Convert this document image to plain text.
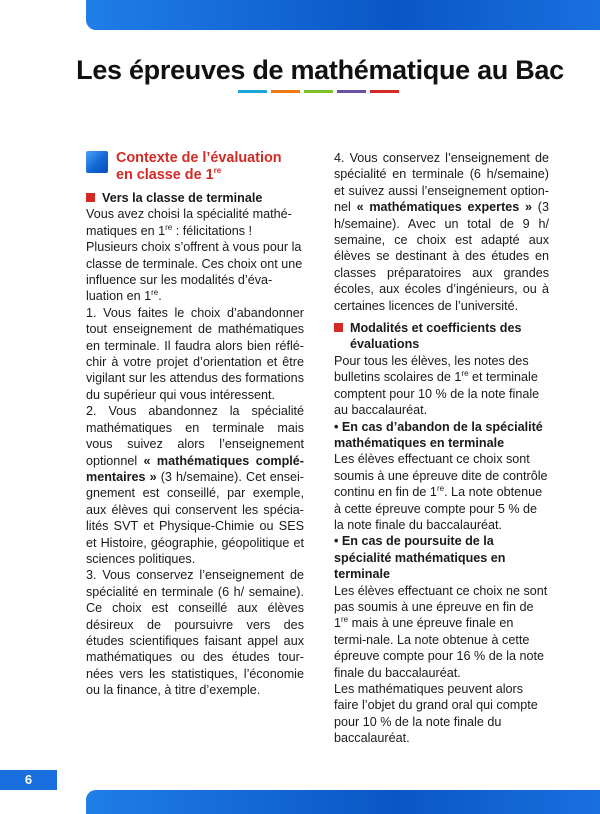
Les épreuves de mathématique au Bac
Contexte de l’évaluation
en classe de 1re
Vers la classe de terminale

Vous avez choisi la spécialité mathé-matiques en 1re : félicitations !

Plusieurs choix s’offrent à vous pour la classe de terminale. Ces choix ont une influence sur les modalités d’éva-luation en 1re.

1. Vous faites le choix d’abandonner tout enseignement de mathématiques en terminale. Il faudra alors bien réflé-chir à votre projet d’orientation et être vigilant sur les attendus des formations du supérieur qui vous intéressent.

2. Vous abandonnez la spécialité mathématiques en terminale mais vous suivez alors l’enseignement optionnel « mathématiques complé-mentaires » (3 h/semaine). Cet ensei-gnement est conseillé, par exemple, aux élèves qui conservent les spécia-lités SVT et Physique-Chimie ou SES et Histoire, géographie, géopolitique et sciences politiques.

3. Vous conservez l’enseignement de spécialité en terminale (6 h/ semaine). Ce choix est conseillé aux élèves désireux de poursuivre vers des études scientifiques faisant appel aux mathématiques ou des études tour-nées vers les statistiques, l’économie ou la finance, à titre d’exemple.

4. Vous conservez l’enseignement de spécialité en terminale (6 h/semaine) et suivez aussi l’enseignement option-nel « mathématiques expertes » (3 h/semaine). Avec un total de 9 h/ semaine, ce choix est adapté aux élèves se destinant à des études en classes préparatoires aux grandes écoles, aux écoles d’ingénieurs, ou à certaines licences de l’université.

Modalités et coefficients des évaluations

Pour tous les élèves, les notes des bulletins scolaires de 1re et terminale comptent pour 10 % de la note finale au baccalauréat.

• En cas d’abandon de la spécialité mathématiques en terminale

Les élèves effectuant ce choix sont soumis à une épreuve dite de contrôle continu en fin de 1re. La note obtenue à cette épreuve compte pour 5 % de la note finale du baccalauréat.

• En cas de poursuite de la spécialité mathématiques en terminale

Les élèves effectuant ce choix ne sont pas soumis à une épreuve en fin de 1re mais à une épreuve finale en termi-nale. La note obtenue à cette épreuve compte pour 16 % de la note finale du baccalauréat.

Les mathématiques peuvent alors faire l’objet du grand oral qui compte pour 10 % de la note finale du baccalauréat.

6
